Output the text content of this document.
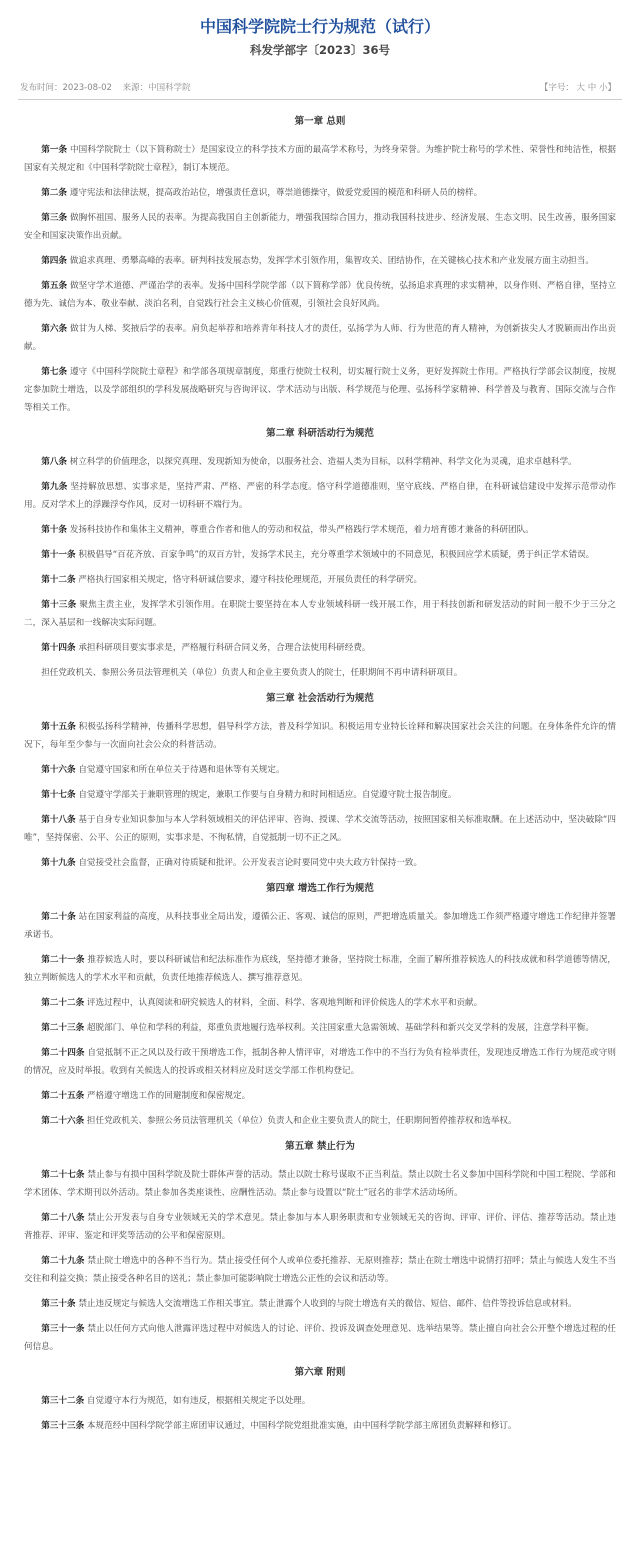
中国科学院院士行为规范（试行）
科发学部字〔2023〕36号
发布时间：2023-08-02 来源：中国科学院	【字号： 大 中 小】
第一章 总则

第一条 中国科学院院士（以下简称院士）是国家设立的科学技术方面的最高学术称号，为终身荣誉。为维护院士称号的学术性、荣誉性和纯洁性，根据国家有关规定和《中国科学院院士章程》，制订本规范。

第二条 遵守宪法和法律法规，提高政治站位，增强责任意识，尊崇道德操守，做爱党爱国的模范和科研人员的榜样。

第三条 做胸怀祖国、服务人民的表率。为提高我国自主创新能力，增强我国综合国力，推动我国科技进步、经济发展、生态文明、民生改善，服务国家安全和国家决策作出贡献。

第四条 做追求真理、勇攀高峰的表率。研判科技发展态势，发挥学术引领作用，集智攻关、团结协作，在关键核心技术和产业发展方面主动担当。

第五条 做坚守学术道德、严谨治学的表率。发扬中国科学院学部（以下简称学部）优良传统，弘扬追求真理的求实精神，以身作则、严格自律，坚持立德为先、诚信为本、敬业奉献、淡泊名利，自觉践行社会主义核心价值观，引领社会良好风尚。

第六条 做甘为人梯、奖掖后学的表率。肩负起举荐和培养青年科技人才的责任，弘扬学为人师、行为世范的育人精神，为创新拔尖人才脱颖而出作出贡献。

第七条 遵守《中国科学院院士章程》和学部各项规章制度，郑重行使院士权利，切实履行院士义务，更好发挥院士作用。严格执行学部会议制度，按规定参加院士增选，以及学部组织的学科发展战略研究与咨询评议、学术活动与出版、科学规范与伦理、弘扬科学家精神、科学普及与教育、国际交流与合作等相关工作。

第二章 科研活动行为规范

第八条 树立科学的价值理念，以探究真理、发现新知为使命，以服务社会、造福人类为目标，以科学精神、科学文化为灵魂，追求卓越科学。

第九条 坚持解放思想、实事求是，坚持严肃、严格、严密的科学态度。恪守科学道德准则，坚守底线、严格自律，在科研诚信建设中发挥示范带动作用。反对学术上的浮躁浮夸作风，反对一切科研不端行为。

第十条 发扬科技协作和集体主义精神，尊重合作者和他人的劳动和权益，带头严格践行学术规范，着力培育德才兼备的科研团队。

第十一条 积极倡导“百花齐放、百家争鸣”的双百方针，发扬学术民主，充分尊重学术领域中的不同意见，积极回应学术质疑，勇于纠正学术错误。

第十二条 严格执行国家相关规定，恪守科研诚信要求，遵守科技伦理规范，开展负责任的科学研究。

第十三条 聚焦主责主业，发挥学术引领作用。在职院士要坚持在本人专业领域科研一线开展工作，用于科技创新和研发活动的时间一般不少于三分之二，深入基层和一线解决实际问题。

第十四条 承担科研项目要实事求是，严格履行科研合同义务，合理合法使用科研经费。

担任党政机关、参照公务员法管理机关（单位）负责人和企业主要负责人的院士，任职期间不再申请科研项目。

第三章 社会活动行为规范

第十五条 积极弘扬科学精神，传播科学思想，倡导科学方法，普及科学知识。积极运用专业特长诠释和解决国家社会关注的问题。在身体条件允许的情况下，每年至少参与一次面向社会公众的科普活动。

第十六条 自觉遵守国家和所在单位关于待遇和退休等有关规定。

第十七条 自觉遵守学部关于兼职管理的规定，兼职工作要与自身精力和时间相适应。自觉遵守院士报告制度。

第十八条 基于自身专业知识参加与本人学科领域相关的评估评审、咨询、授课、学术交流等活动，按照国家相关标准取酬。在上述活动中，坚决破除“四唯”，坚持保密、公平、公正的原则，实事求是、不徇私情，自觉抵制一切不正之风。

第十九条 自觉接受社会监督，正确对待质疑和批评。公开发表言论时要同党中央大政方针保持一致。

第四章 增选工作行为规范

第二十条 站在国家利益的高度，从科技事业全局出发，遵循公正、客观、诚信的原则，严把增选质量关。参加增选工作须严格遵守增选工作纪律并签署承诺书。

第二十一条 推荐候选人时，要以科研诚信和纪法标准作为底线，坚持德才兼备，坚持院士标准，全面了解所推荐候选人的科技成就和科学道德等情况，独立判断候选人的学术水平和贡献，负责任地推荐候选人、撰写推荐意见。

第二十二条 评选过程中，认真阅读和研究候选人的材料，全面、科学、客观地判断和评价候选人的学术水平和贡献。

第二十三条 超脱部门、单位和学科的利益，郑重负责地履行选举权利。关注国家重大急需领域、基础学科和新兴交叉学科的发展，注意学科平衡。

第二十四条 自觉抵制不正之风以及行政干预增选工作，抵制各种人情评审，对增选工作中的不当行为负有检举责任，发现违反增选工作行为规范或守则的情况，应及时举报。收到有关候选人的投诉或相关材料应及时送交学部工作机构登记。

第二十五条 严格遵守增选工作的回避制度和保密规定。

第二十六条 担任党政机关、参照公务员法管理机关（单位）负责人和企业主要负责人的院士，任职期间暂停推荐权和选举权。

第五章 禁止行为

第二十七条 禁止参与有损中国科学院及院士群体声誉的活动。禁止以院士称号谋取不正当利益。禁止以院士名义参加中国科学院和中国工程院、学部和学术团体、学术期刊以外活动。禁止参加各类座谈性、应酬性活动。禁止参与设置以“院士”冠名的非学术活动场所。

第二十八条 禁止公开发表与自身专业领域无关的学术意见。禁止参加与本人职务职责和专业领域无关的咨询、评审、评价、评估、推荐等活动。禁止违背推荐、评审、鉴定和评奖等活动的公平和保密原则。

第二十九条 禁止院士增选中的各种不当行为。禁止接受任何个人或单位委托推荐、无原则推荐；禁止在院士增选中说情打招呼；禁止与候选人发生不当交往和利益交换；禁止接受各种名目的送礼；禁止参加可能影响院士增选公正性的会议和活动等。

第三十条 禁止违反规定与候选人交流增选工作相关事宜。禁止泄露个人收到的与院士增选有关的微信、短信、邮件、信件等投诉信息或材料。

第三十一条 禁止以任何方式向他人泄露评选过程中对候选人的讨论、评价、投诉及调查处理意见、选举结果等。禁止擅自向社会公开整个增选过程的任何信息。

第六章 附则

第三十二条 自觉遵守本行为规范，如有违反，根据相关规定予以处理。

第三十三条 本规范经中国科学院学部主席团审议通过，中国科学院党组批准实施，由中国科学院学部主席团负责解释和修订。
